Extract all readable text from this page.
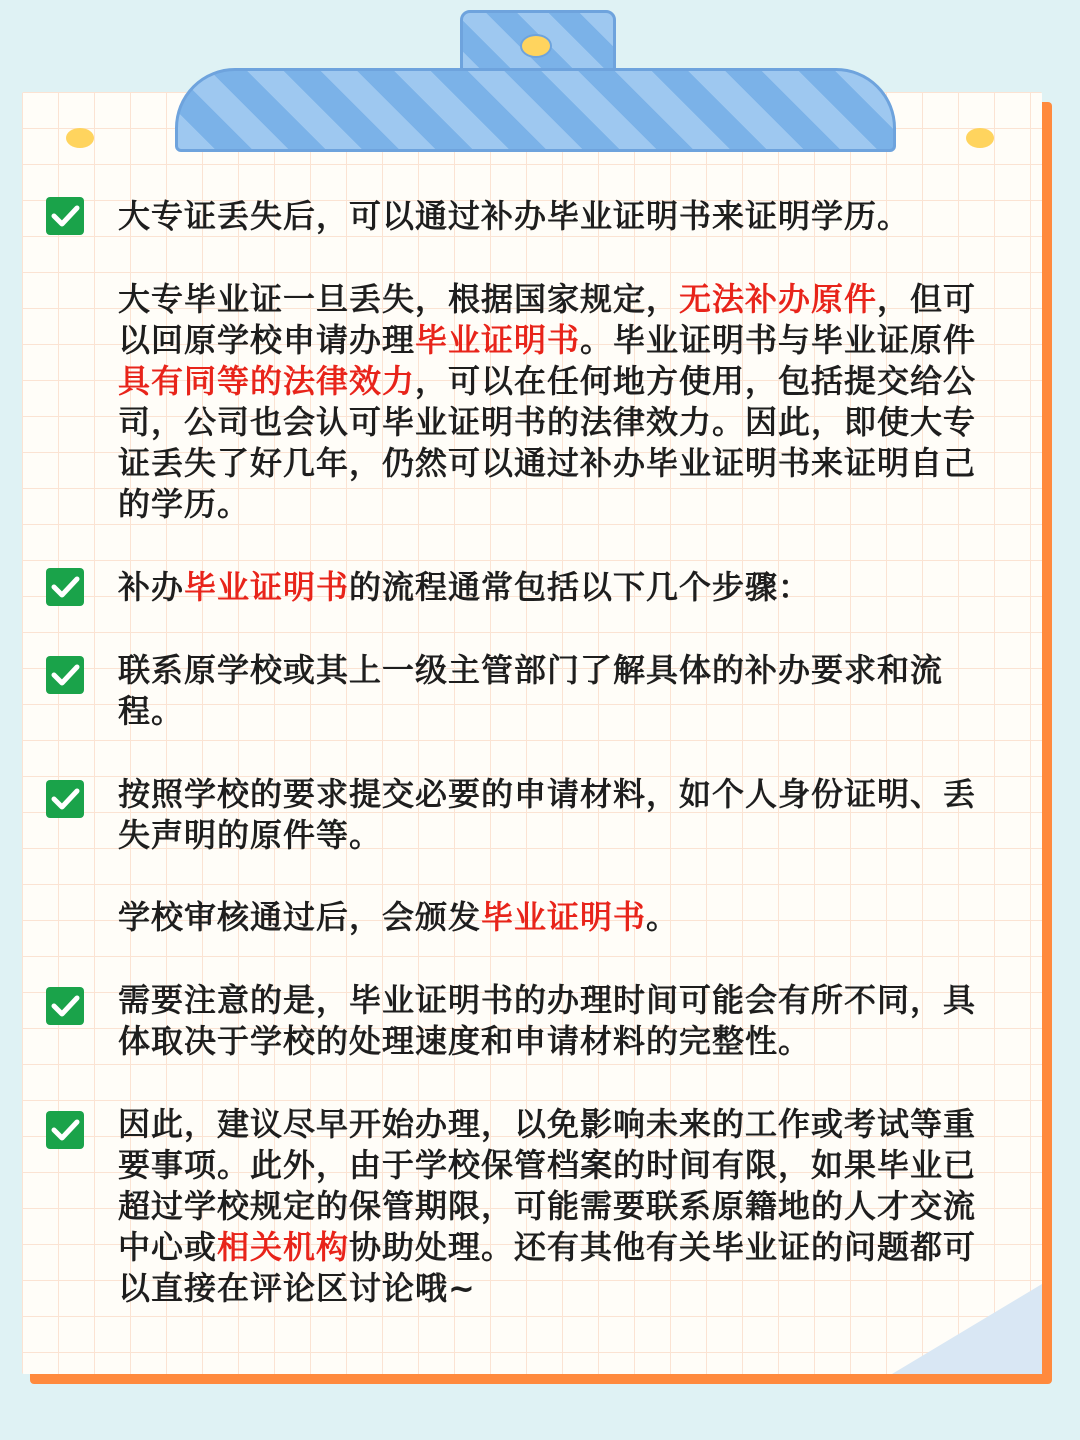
大专证丢失后，可以通过补办毕业证明书来证明学历。

大专毕业证一旦丢失，根据国家规定，无法补办原件，但可以回原学校申请办理毕业证明书。毕业证明书与毕业证原件具有同等的法律效力，可以在任何地方使用，包括提交给公司，公司也会认可毕业证明书的法律效力。因此，即使大专证丢失了好几年，仍然可以通过补办毕业证明书来证明自己的学历。

补办毕业证明书的流程通常包括以下几个步骤：

联系原学校或其上一级主管部门了解具体的补办要求和流程。

按照学校的要求提交必要的申请材料，如个人身份证明、丢失声明的原件等。

学校审核通过后，会颁发毕业证明书。

需要注意的是，毕业证明书的办理时间可能会有所不同，具体取决于学校的处理速度和申请材料的完整性。

因此，建议尽早开始办理，以免影响未来的工作或考试等重要事项。此外，由于学校保管档案的时间有限，如果毕业已超过学校规定的保管期限，可能需要联系原籍地的人才交流中心或相关机构协助处理。还有其他有关毕业证的问题都可以直接在评论区讨论哦~
